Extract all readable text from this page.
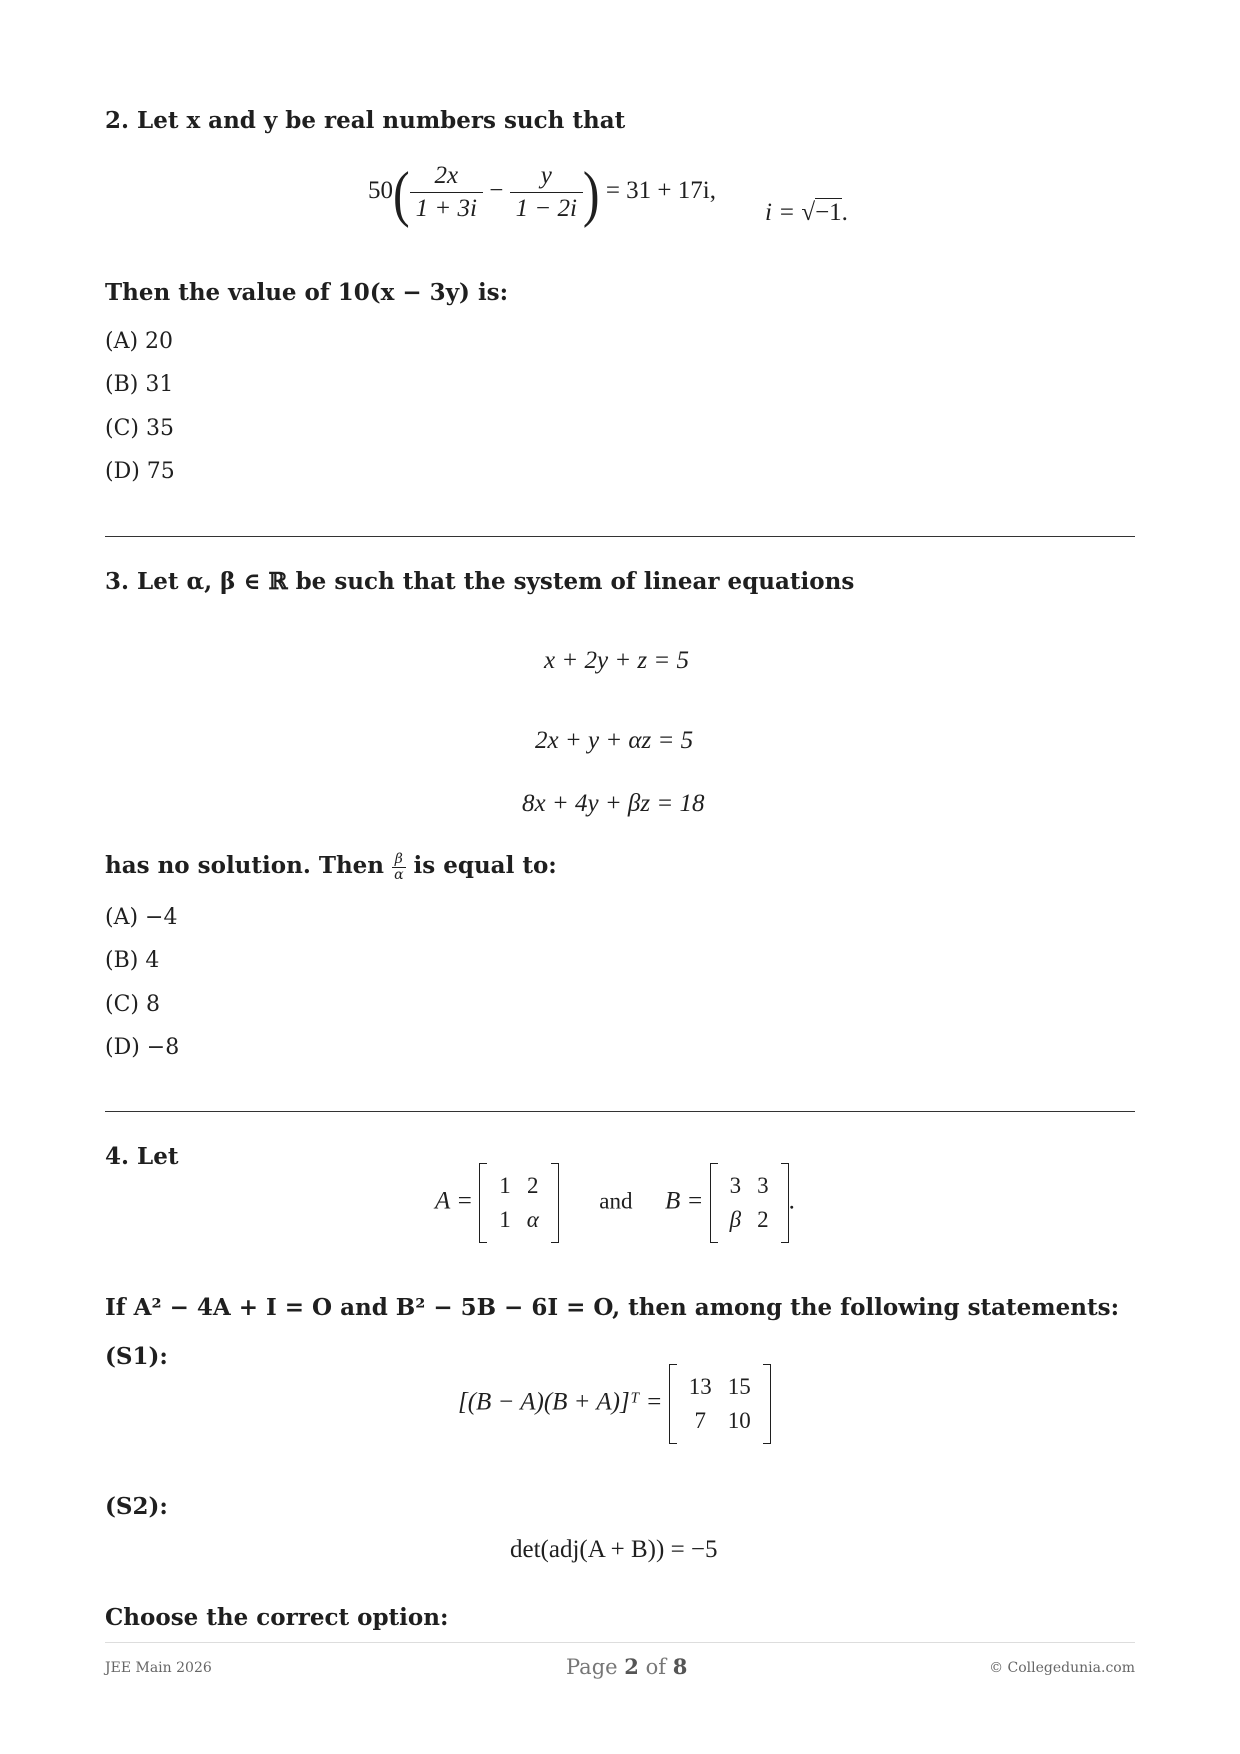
2. Let x and y be real numbers such that
$50( \frac{2x}{1 + 3i} - \frac{y}{1 - 2i}$ ) = 31 + 17i,
i = √−1.
Then the value of 10(x − 3y) is:
(A) 20
(B) 31
(C) 35
(D) 75
3. Let α, β ∈ ℝ be such that the system of linear equations
x + 2y + z = 5
2x + y + αz = 5
8x + 4y + βz = 18
has no solution. Then $\frac{\beta}{\alpha}$ is equal to:
(A) −4
(B) 4
(C) 8
(D) −8
4. Let
A =
1	2
1	α
and B =
3	3
β	2
.
If A² − 4A + I = O and B² − 5B − 6I = O, then among the following statements:
(S1):
[(B − A)(B + A)]ᵀ =
13	15
7	10
(S2):
det(adj(A + B)) = −5
Choose the correct option:
JEE Main 2026	Page 2 of 8	© Collegedunia.com
